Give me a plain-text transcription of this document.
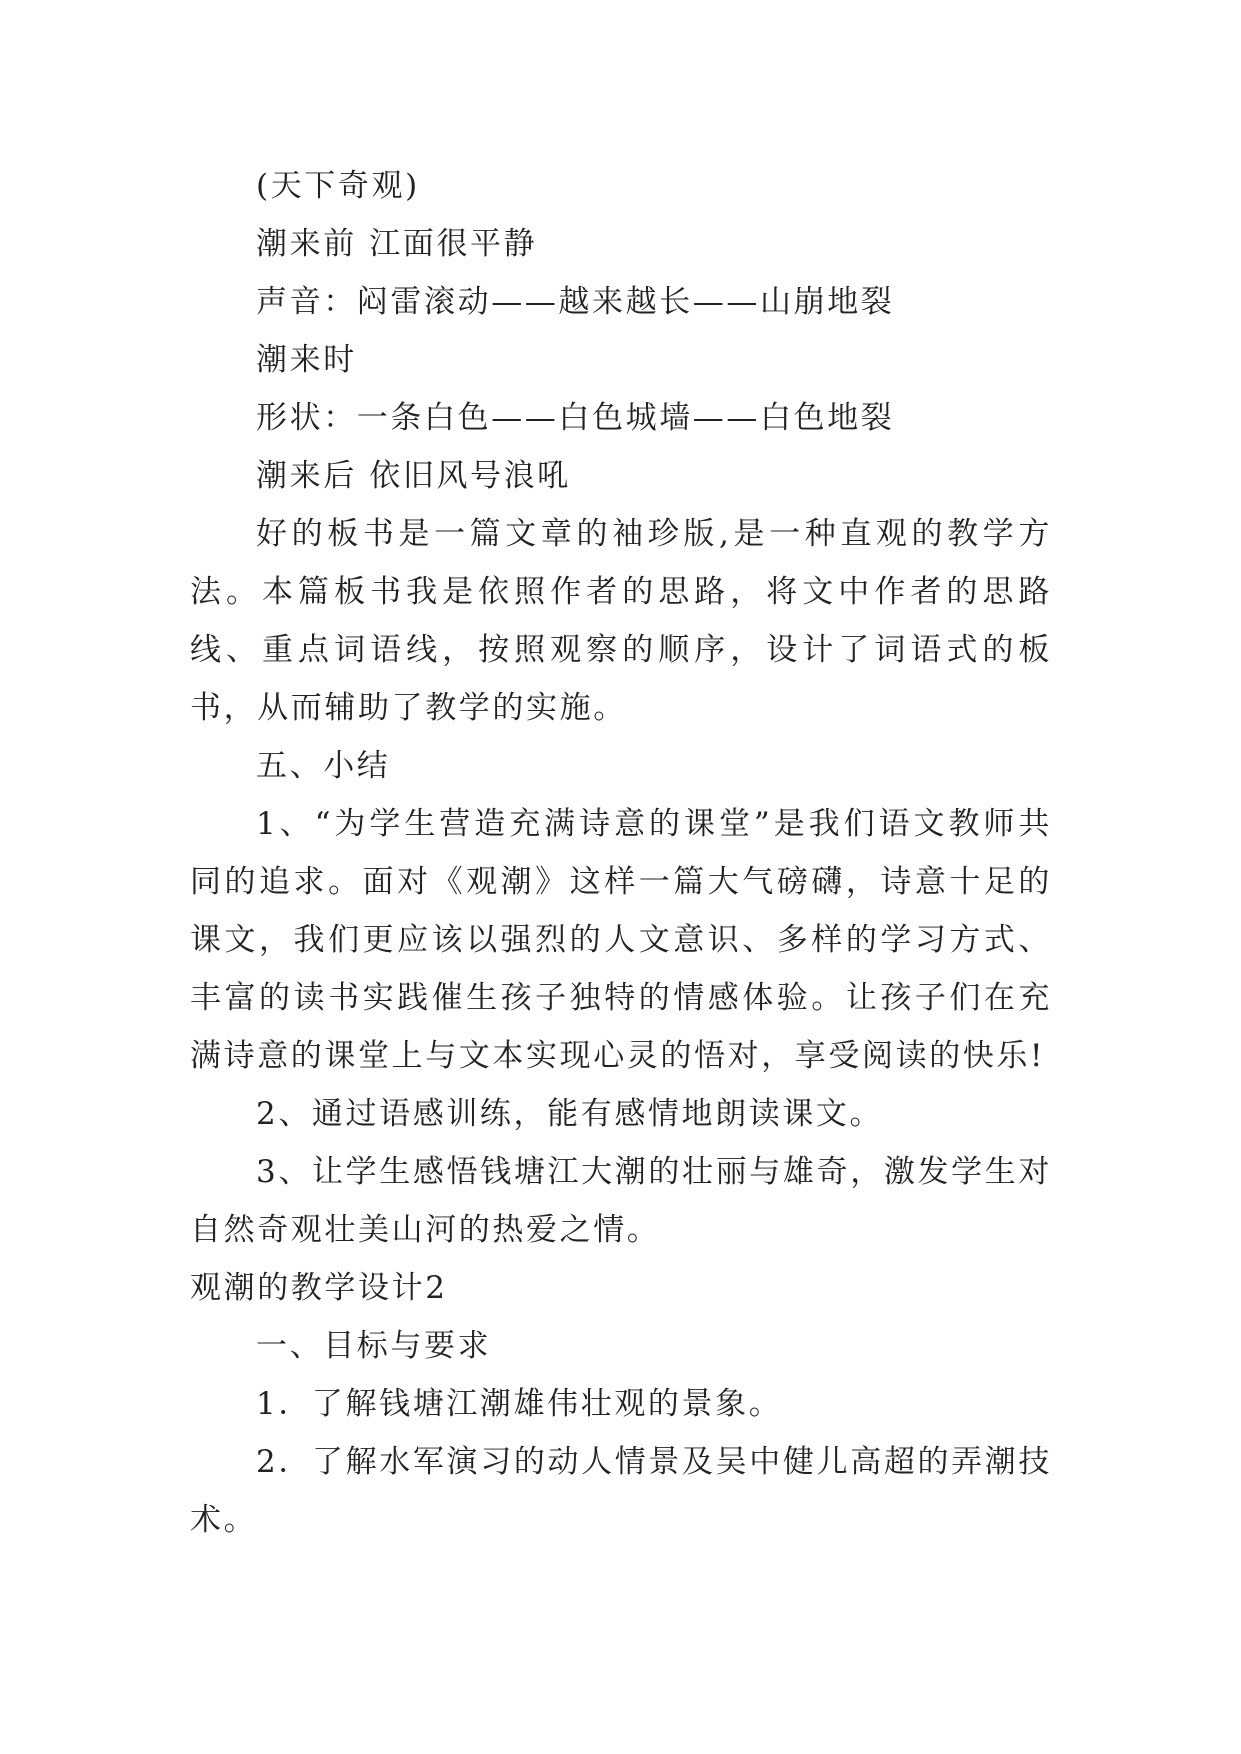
(天下奇观)

潮来前 江面很平静

声音：闷雷滚动——越来越长——山崩地裂

潮来时

形状：一条白色——白色城墙——白色地裂

潮来后 依旧风号浪吼

好的板书是一篇文章的袖珍版,是一种直观的教学方法。本篇板书我是依照作者的思路，将文中作者的思路线、重点词语线，按照观察的顺序，设计了词语式的板书，从而辅助了教学的实施。

五、小结

1、“为学生营造充满诗意的课堂”是我们语文教师共同的追求。面对《观潮》这样一篇大气磅礴，诗意十足的课文，我们更应该以强烈的人文意识、多样的学习方式、丰富的读书实践催生孩子独特的情感体验。让孩子们在充满诗意的课堂上与文本实现心灵的悟对，享受阅读的快乐!

2、通过语感训练，能有感情地朗读课文。

3、让学生感悟钱塘江大潮的壮丽与雄奇，激发学生对自然奇观壮美山河的热爱之情。

观潮的教学设计2

一、目标与要求

1．了解钱塘江潮雄伟壮观的景象。

2．了解水军演习的动人情景及吴中健儿高超的弄潮技术。
